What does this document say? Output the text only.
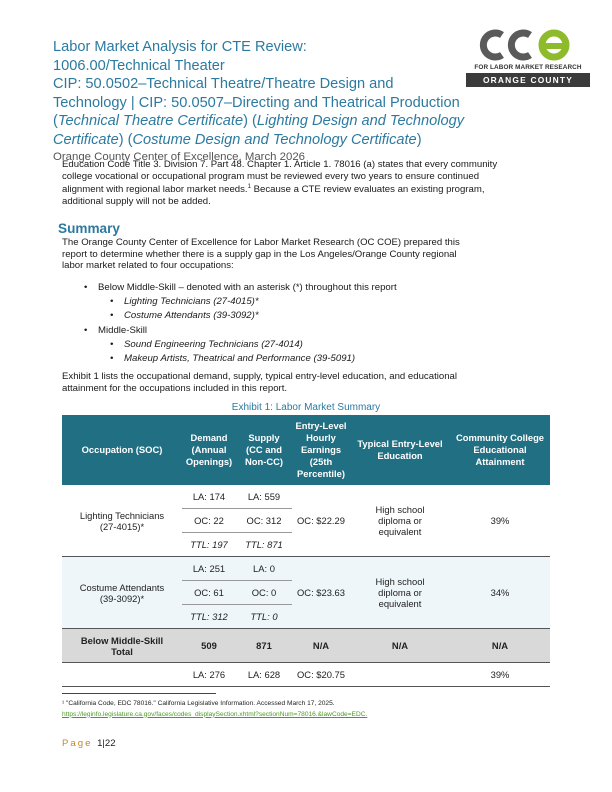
Labor Market Analysis for CTE Review:

1006.00/Technical Theater

CIP: 50.0502–Technical Theatre/Theatre Design and

Technology | CIP: 50.0507–Directing and Theatrical Production

(Technical Theatre Certificate) (Lighting Design and Technology

Certificate) (Costume Design and Technology Certificate)

Orange County Center of Excellence, March 2026
FOR LABOR MARKET RESEARCH
ORANGE COUNTY
Education Code Title 3. Division 7. Part 48. Chapter 1. Article 1. 78016 (a) states that every community
college vocational or occupational program must be reviewed every two years to ensure continued
alignment with regional labor market needs.$^1$ Because a CTE review evaluates an existing program,
additional supply will not be added.
Summary
The Orange County Center of Excellence for Labor Market Research (OC COE) prepared this
report to determine whether there is a supply gap in the Los Angeles/Orange County regional
labor market related to four occupations:
• Below Middle-Skill – denoted with an asterisk (*) throughout this report
• Lighting Technicians (27-4015)*
• Costume Attendants (39-3092)*
• Middle-Skill
• Sound Engineering Technicians (27-4014)
• Makeup Artists, Theatrical and Performance (39-5091)
Exhibit 1 lists the occupational demand, supply, typical entry-level education, and educational
attainment for the occupations included in this report.
Exhibit 1: Labor Market Summary
Occupation (SOC)	Demand (Annual Openings)	Supply (CC and Non-CC)	Entry-Level Hourly Earnings (25th Percentile)	Typical Entry-Level Education	Community College Educational Attainment
Lighting Technicians
(27-4015)*	LA: 174	LA: 559	OC: $22.29	High school
diploma or
equivalent	39%
	OC: 22	OC: 312			
	TTL: 197	TTL: 871			
Costume Attendants
(39-3092)*	LA: 251	LA: 0	OC: $23.63	High school
diploma or
equivalent	34%
	OC: 61	OC: 0			
	TTL: 312	TTL: 0			
Below Middle-Skill
Total	509	871	N/A	N/A	N/A
	LA: 276	LA: 628	OC: $20.75		39%
¹ "California Code, EDC 78016." California Legislative Information. Accessed March 17, 2025.
https://leginfo.legislature.ca.gov/faces/codes_displaySection.xhtml?sectionNum=78016.&lawCode=EDC.
Page 1|22
